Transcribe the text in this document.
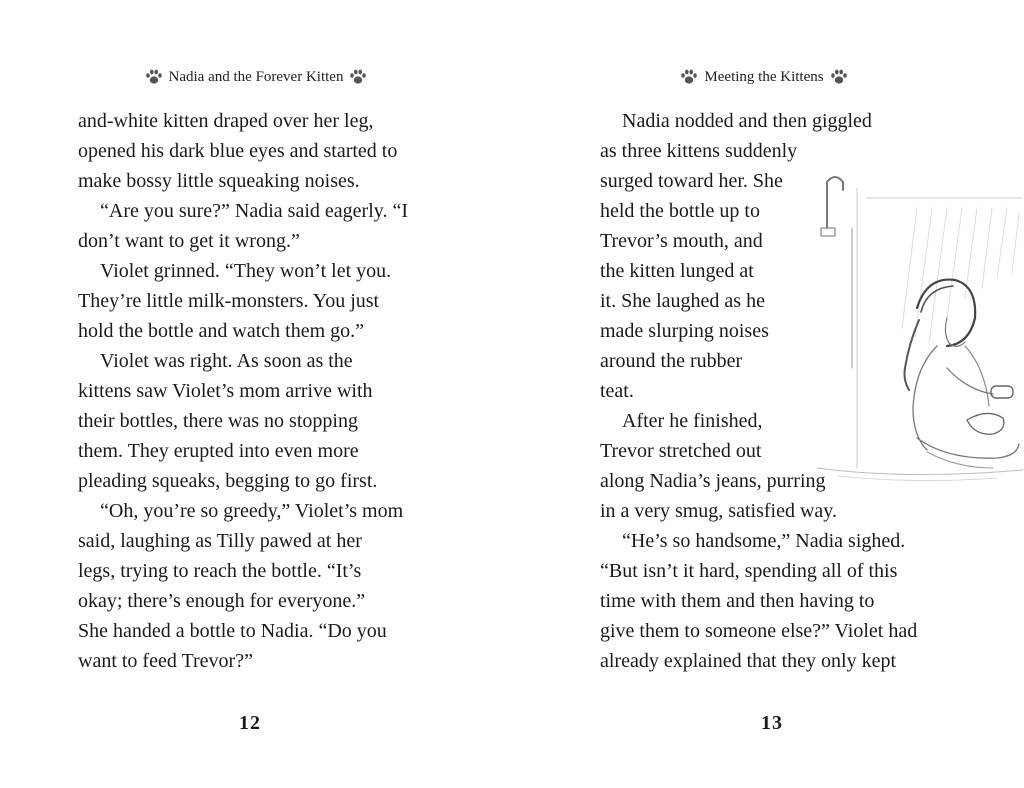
Nadia and the Forever Kitten
and-white kitten draped over her leg,
opened his dark blue eyes and started to
make bossy little squeaking noises.
“Are you sure?” Nadia said eagerly. “I
don’t want to get it wrong.”
Violet grinned. “They won’t let you.
They’re little milk-monsters. You just
hold the bottle and watch them go.”
Violet was right. As soon as the
kittens saw Violet’s mom arrive with
their bottles, there was no stopping
them. They erupted into even more
pleading squeaks, begging to go first.
“Oh, you’re so greedy,” Violet’s mom
said, laughing as Tilly pawed at her
legs, trying to reach the bottle. “It’s
okay; there’s enough for everyone.”
She handed a bottle to Nadia. “Do you
want to feed Trevor?”
12
Meeting the Kittens
Nadia nodded and then giggled
as three kittens suddenly
surged toward her. She
held the bottle up to
Trevor’s mouth, and
the kitten lunged at
it. She laughed as he
made slurping noises
around the rubber
teat.
After he finished,
Trevor stretched out
along Nadia’s jeans, purring
in a very smug, satisfied way.
“He’s so handsome,” Nadia sighed.
“But isn’t it hard, spending all of this
time with them and then having to
give them to someone else?” Violet had
already explained that they only kept
13
